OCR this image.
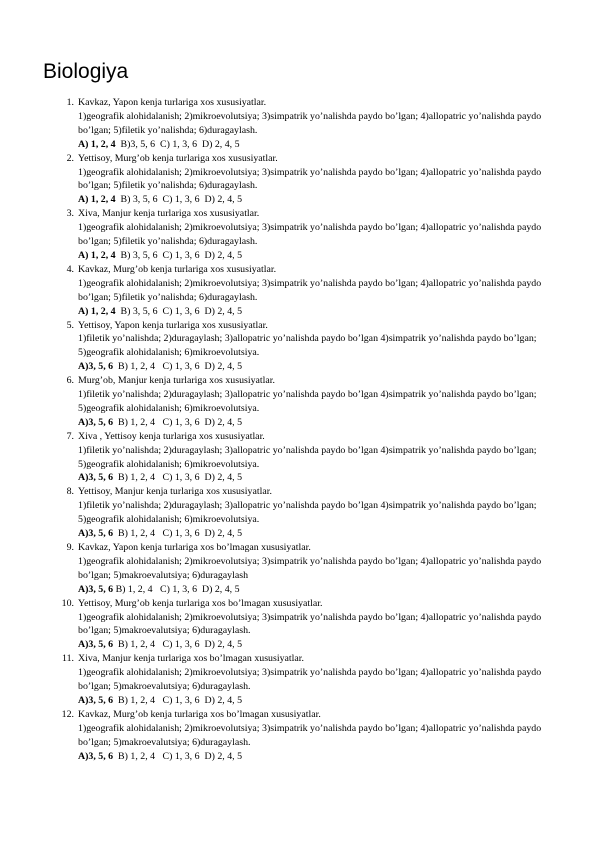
Biologiya
1. Kavkaz, Yapon kenja turlariga xos xususiyatlar.
1)geografik alohidalanish; 2)mikroevolutsiya; 3)simpatrik yo’nalishda paydo bo’lgan; 4)allopatric yo’nalishda paydo bo’lgan; 5)filetik yo’nalishda; 6)duragaylash.
A) 1, 2, 4  B)3, 5, 6  C) 1, 3, 6  D) 2, 4, 5
2. Yettisoy, Murg’ob kenja turlariga xos xususiyatlar.
1)geografik alohidalanish; 2)mikroevolutsiya; 3)simpatrik yo’nalishda paydo bo’lgan; 4)allopatric yo’nalishda paydo bo’lgan; 5)filetik yo’nalishda; 6)duragaylash.
A) 1, 2, 4  B) 3, 5, 6  C) 1, 3, 6  D) 2, 4, 5
3. Xiva, Manjur kenja turlariga xos xususiyatlar.
1)geografik alohidalanish; 2)mikroevolutsiya; 3)simpatrik yo’nalishda paydo bo’lgan; 4)allopatric yo’nalishda paydo bo’lgan; 5)filetik yo’nalishda; 6)duragaylash.
A) 1, 2, 4  B) 3, 5, 6  C) 1, 3, 6  D) 2, 4, 5
4. Kavkaz, Murg’ob kenja turlariga xos xususiyatlar.
1)geografik alohidalanish; 2)mikroevolutsiya; 3)simpatrik yo’nalishda paydo bo’lgan; 4)allopatric yo’nalishda paydo bo’lgan; 5)filetik yo’nalishda; 6)duragaylash.
A) 1, 2, 4  B) 3, 5, 6  C) 1, 3, 6  D) 2, 4, 5
5. Yettisoy, Yapon kenja turlariga xos xususiyatlar.
1)filetik yo’nalishda; 2)duragaylash; 3)allopatric yo’nalishda paydo bo’lgan 4)simpatrik yo’nalishda paydo bo’lgan; 5)geografik alohidalanish; 6)mikroevolutsiya.
A)3, 5, 6  B) 1, 2, 4   C) 1, 3, 6  D) 2, 4, 5
6. Murg’ob, Manjur kenja turlariga xos xususiyatlar.
1)filetik yo’nalishda; 2)duragaylash; 3)allopatric yo’nalishda paydo bo’lgan 4)simpatrik yo’nalishda paydo bo’lgan; 5)geografik alohidalanish; 6)mikroevolutsiya.
A)3, 5, 6  B) 1, 2, 4   C) 1, 3, 6  D) 2, 4, 5
7. Xiva , Yettisoy kenja turlariga xos xususiyatlar.
1)filetik yo’nalishda; 2)duragaylash; 3)allopatric yo’nalishda paydo bo’lgan 4)simpatrik yo’nalishda paydo bo’lgan; 5)geografik alohidalanish; 6)mikroevolutsiya.
A)3, 5, 6  B) 1, 2, 4   C) 1, 3, 6  D) 2, 4, 5
8. Yettisoy, Manjur kenja turlariga xos xususiyatlar.
1)filetik yo’nalishda; 2)duragaylash; 3)allopatric yo’nalishda paydo bo’lgan 4)simpatrik yo’nalishda paydo bo’lgan; 5)geografik alohidalanish; 6)mikroevolutsiya.
A)3, 5, 6  B) 1, 2, 4   C) 1, 3, 6  D) 2, 4, 5
9. Kavkaz, Yapon kenja turlariga xos bo’lmagan xususiyatlar.
1)geografik alohidalanish; 2)mikroevolutsiya; 3)simpatrik yo’nalishda paydo bo’lgan; 4)allopatric yo’nalishda paydo bo’lgan; 5)makroevalutsiya; 6)duragaylash
A)3, 5, 6 B) 1, 2, 4   C) 1, 3, 6  D) 2, 4, 5
10. Yettisoy, Murg’ob kenja turlariga xos bo’lmagan xususiyatlar.
1)geografik alohidalanish; 2)mikroevolutsiya; 3)simpatrik yo’nalishda paydo bo’lgan; 4)allopatric yo’nalishda paydo bo’lgan; 5)makroevalutsiya; 6)duragaylash.
A)3, 5, 6  B) 1, 2, 4   C) 1, 3, 6  D) 2, 4, 5
11. Xiva, Manjur kenja turlariga xos bo’lmagan xususiyatlar.
1)geografik alohidalanish; 2)mikroevolutsiya; 3)simpatrik yo’nalishda paydo bo’lgan; 4)allopatric yo’nalishda paydo bo’lgan; 5)makroevalutsiya; 6)duragaylash.
A)3, 5, 6  B) 1, 2, 4   C) 1, 3, 6  D) 2, 4, 5
12. Kavkaz, Murg’ob kenja turlariga xos bo’lmagan xususiyatlar.
1)geografik alohidalanish; 2)mikroevolutsiya; 3)simpatrik yo’nalishda paydo bo’lgan; 4)allopatric yo’nalishda paydo bo’lgan; 5)makroevalutsiya; 6)duragaylash.
A)3, 5, 6  B) 1, 2, 4   C) 1, 3, 6  D) 2, 4, 5
